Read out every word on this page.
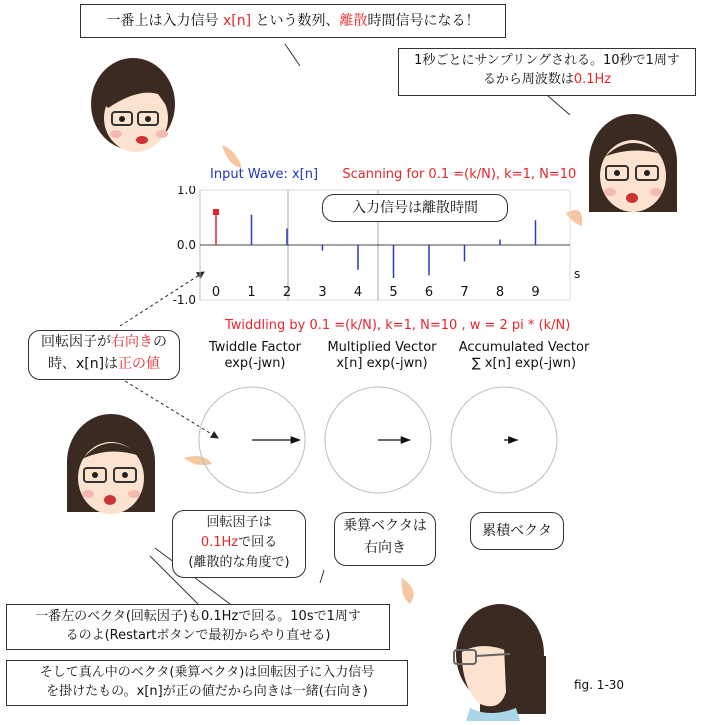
一番上は入力信号 x[n] という数列、離散時間信号になる！
1秒ごとにサンプリングされる。10秒で1周す
るから周波数は0.1Hz
回転因子が右向きの
時、x[n]は正の値
一番左のベクタ(回転因子)も0.1Hzで回る。10sで1周す
るのよ(Restartボタンで最初からやり直せる)
そして真ん中のベクタ(乗算ベクタ)は回転因子に入力信号
を掛けたもの。x[n]が正の値だから向きは一緒(右向き)
Input Wave: x[n] Scanning for 0.1 =(k/N), k=1, N=10
1.0
0.0
-1.0 0 1 2 3 4 5 6 7 8 9
s
入力信号は離散時間
Twiddling by 0.1 =(k/N), k=1, N=10 , w = 2 pi * (k/N)
Twiddle Factor
exp(-jwn)
Multiplied Vector
x[n] exp(-jwn)
Accumulated Vector
∑ x[n] exp(-jwn)
回転因子は
0.1Hzで回る
(離散的な角度で)
乗算ベクタは
右向き
累積ベクタ
fig. 1-30
